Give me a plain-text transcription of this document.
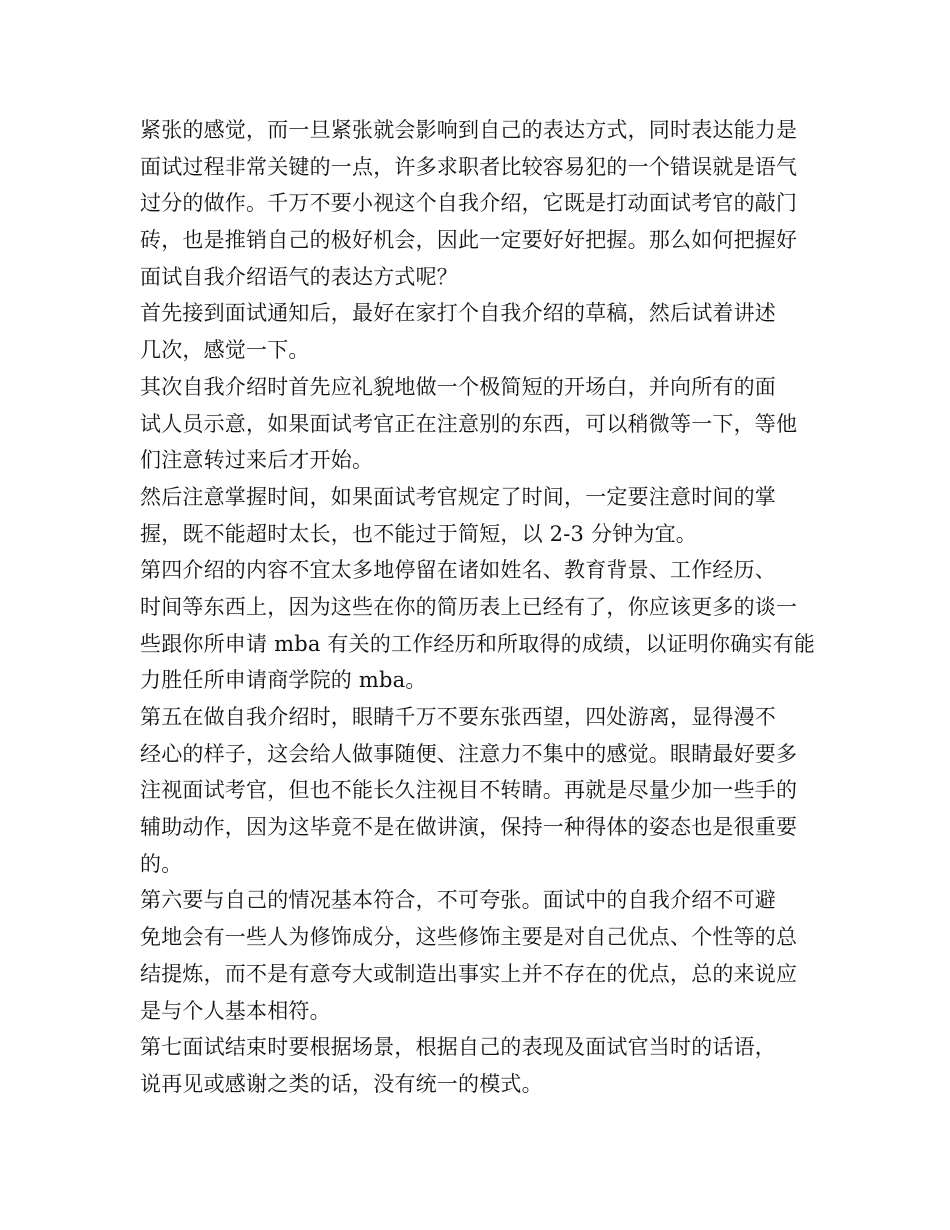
紧张的感觉，而一旦紧张就会影响到自己的表达方式，同时表达能力是
面试过程非常关键的一点，许多求职者比较容易犯的一个错误就是语气
过分的做作。千万不要小视这个自我介绍，它既是打动面试考官的敲门
砖，也是推销自己的极好机会，因此一定要好好把握。那么如何把握好
面试自我介绍语气的表达方式呢？
首先接到面试通知后，最好在家打个自我介绍的草稿，然后试着讲述
几次，感觉一下。
其次自我介绍时首先应礼貌地做一个极简短的开场白，并向所有的面
试人员示意，如果面试考官正在注意别的东西，可以稍微等一下，等他
们注意转过来后才开始。
然后注意掌握时间，如果面试考官规定了时间，一定要注意时间的掌
握，既不能超时太长，也不能过于简短，以 2-3 分钟为宜。
第四介绍的内容不宜太多地停留在诸如姓名、教育背景、工作经历、
时间等东西上，因为这些在你的简历表上已经有了，你应该更多的谈一
些跟你所申请 mba 有关的工作经历和所取得的成绩，以证明你确实有能
力胜任所申请商学院的 mba。
第五在做自我介绍时，眼睛千万不要东张西望，四处游离，显得漫不
经心的样子，这会给人做事随便、注意力不集中的感觉。眼睛最好要多
注视面试考官，但也不能长久注视目不转睛。再就是尽量少加一些手的
辅助动作，因为这毕竟不是在做讲演，保持一种得体的姿态也是很重要
的。
第六要与自己的情况基本符合，不可夸张。面试中的自我介绍不可避
免地会有一些人为修饰成分，这些修饰主要是对自己优点、个性等的总
结提炼，而不是有意夸大或制造出事实上并不存在的优点，总的来说应
是与个人基本相符。
第七面试结束时要根据场景，根据自己的表现及面试官当时的话语，
说再见或感谢之类的话，没有统一的模式。
